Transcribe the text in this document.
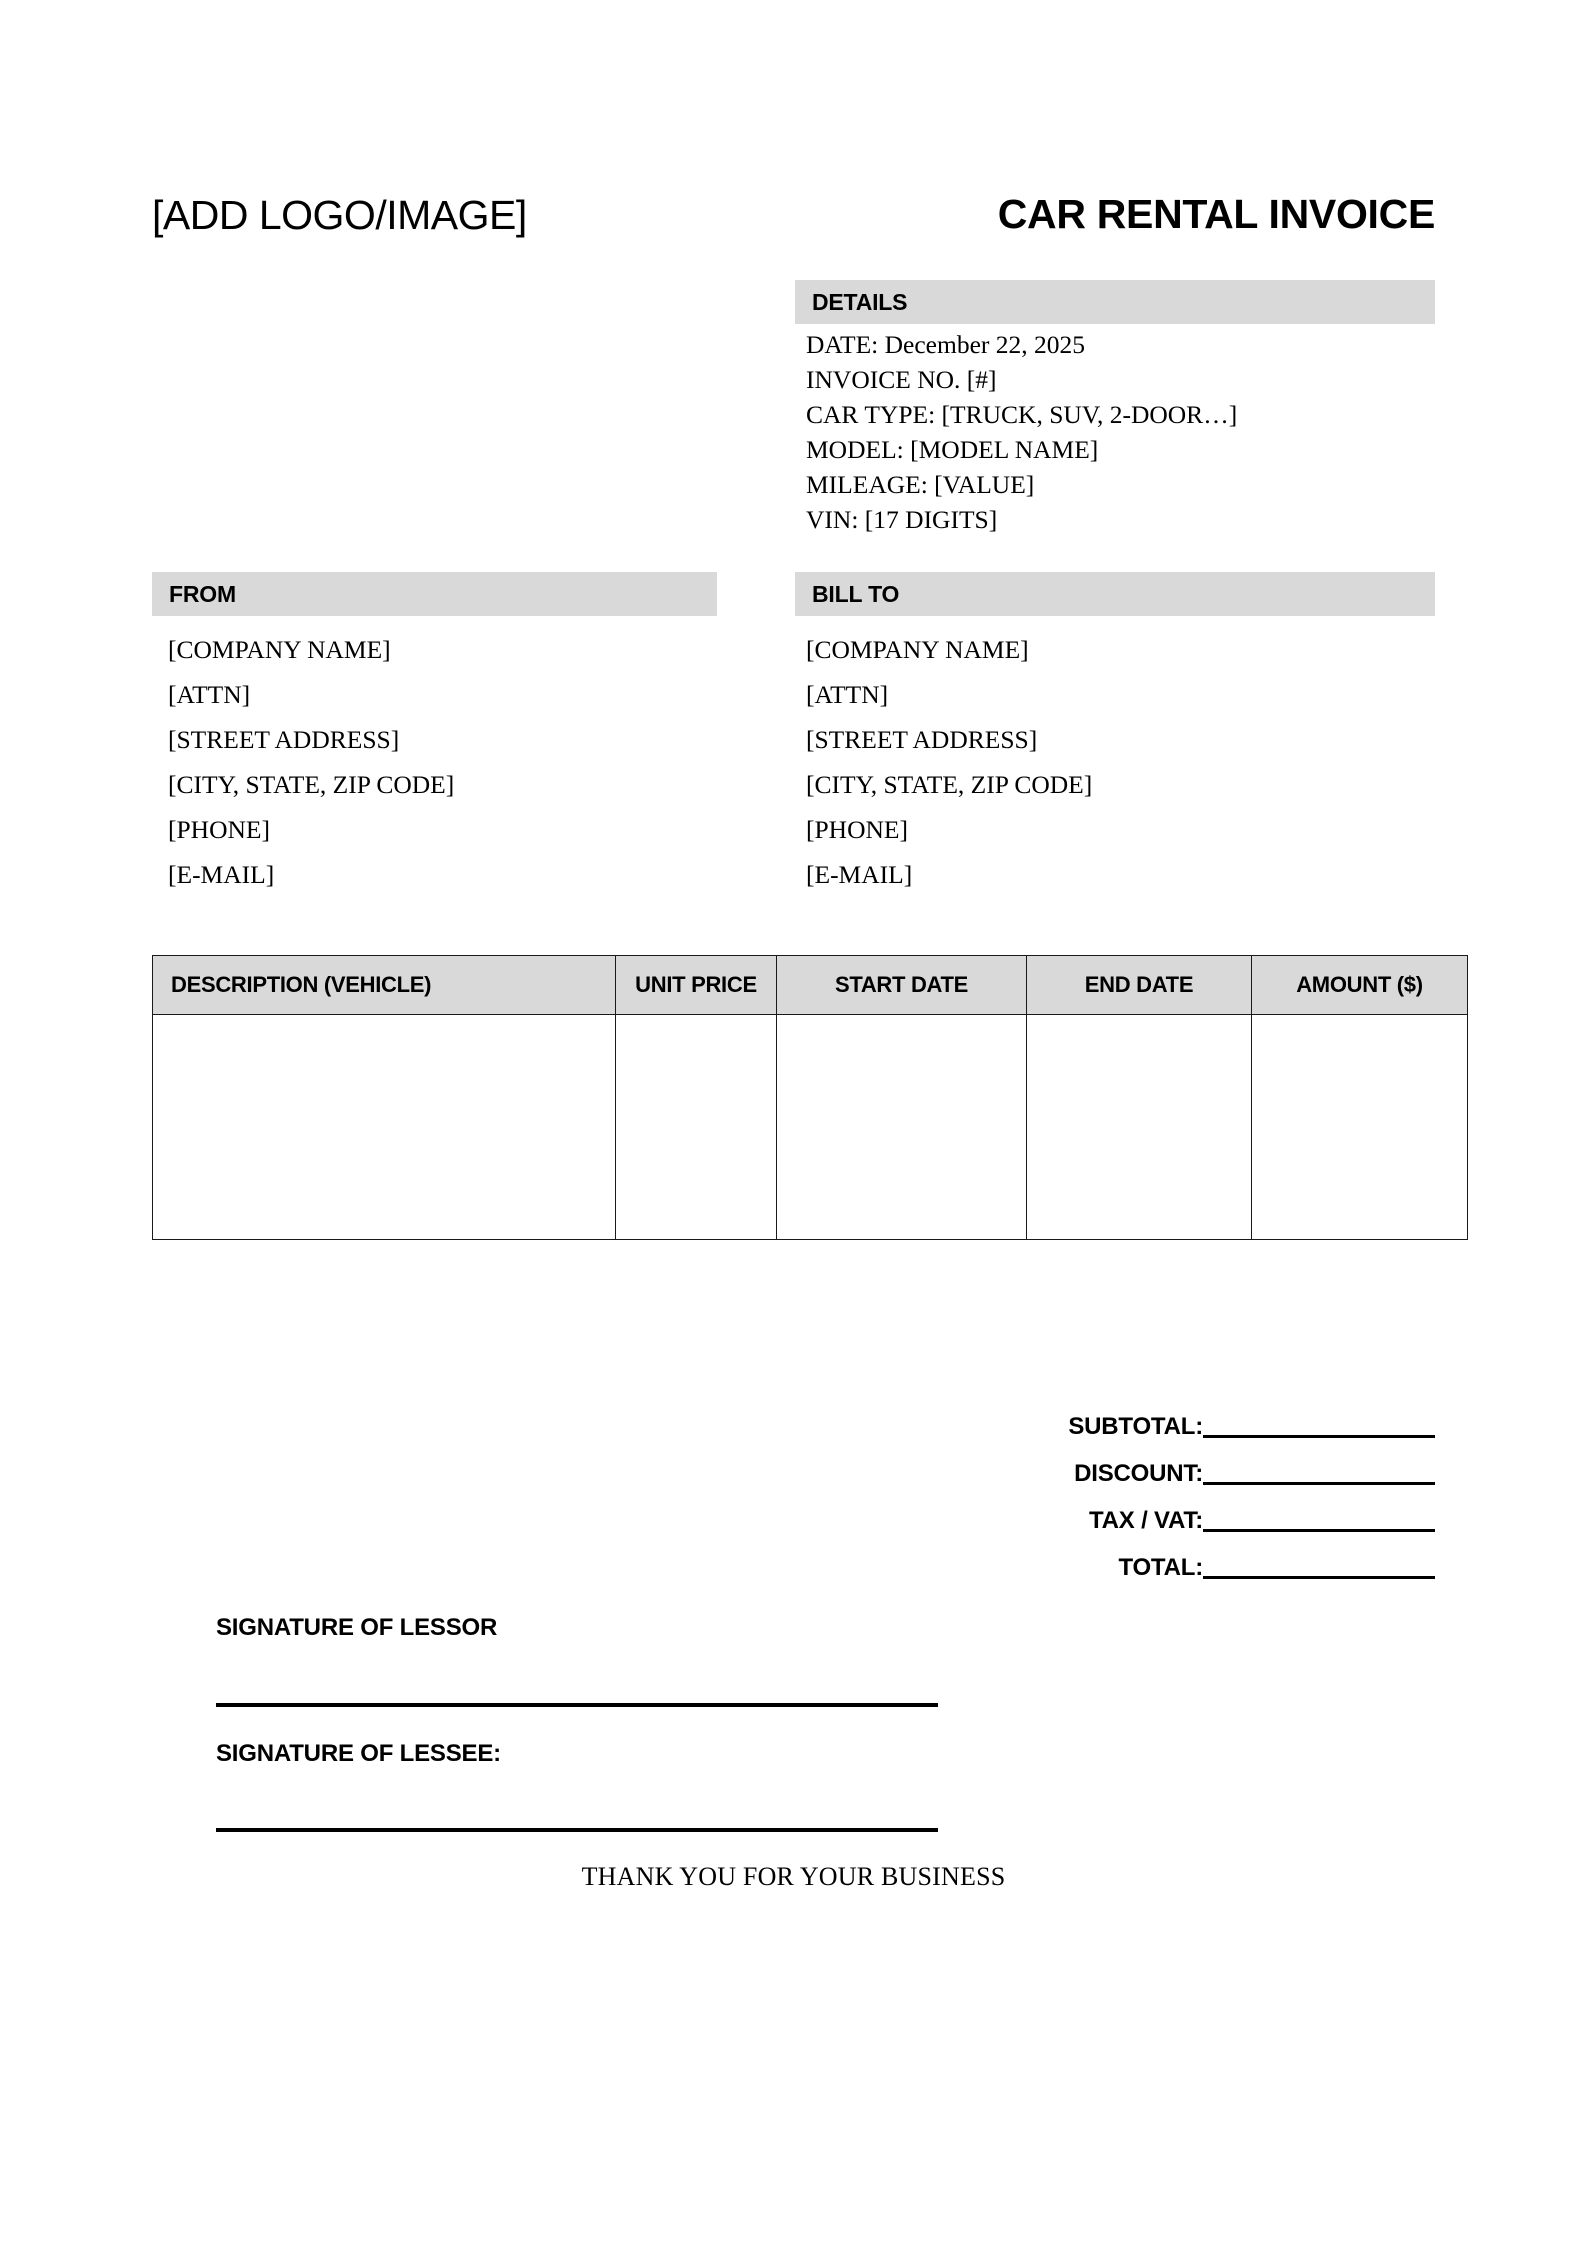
[ADD LOGO/IMAGE]	CAR RENTAL INVOICE
DETAILS
DATE: December 22, 2025
INVOICE NO. [#]
CAR TYPE: [TRUCK, SUV, 2-DOOR…]
MODEL: [MODEL NAME]
MILEAGE: [VALUE]
VIN: [17 DIGITS]
FROM
[COMPANY NAME]
[ATTN]
[STREET ADDRESS]
[CITY, STATE, ZIP CODE]
[PHONE]
[E-MAIL]
BILL TO
[COMPANY NAME]
[ATTN]
[STREET ADDRESS]
[CITY, STATE, ZIP CODE]
[PHONE]
[E-MAIL]
DESCRIPTION (VEHICLE)	UNIT PRICE	START DATE	END DATE	AMOUNT ($)

SUBTOTAL:
DISCOUNT:
TAX / VAT:
TOTAL:
SIGNATURE OF LESSOR
SIGNATURE OF LESSEE:
THANK YOU FOR YOUR BUSINESS
